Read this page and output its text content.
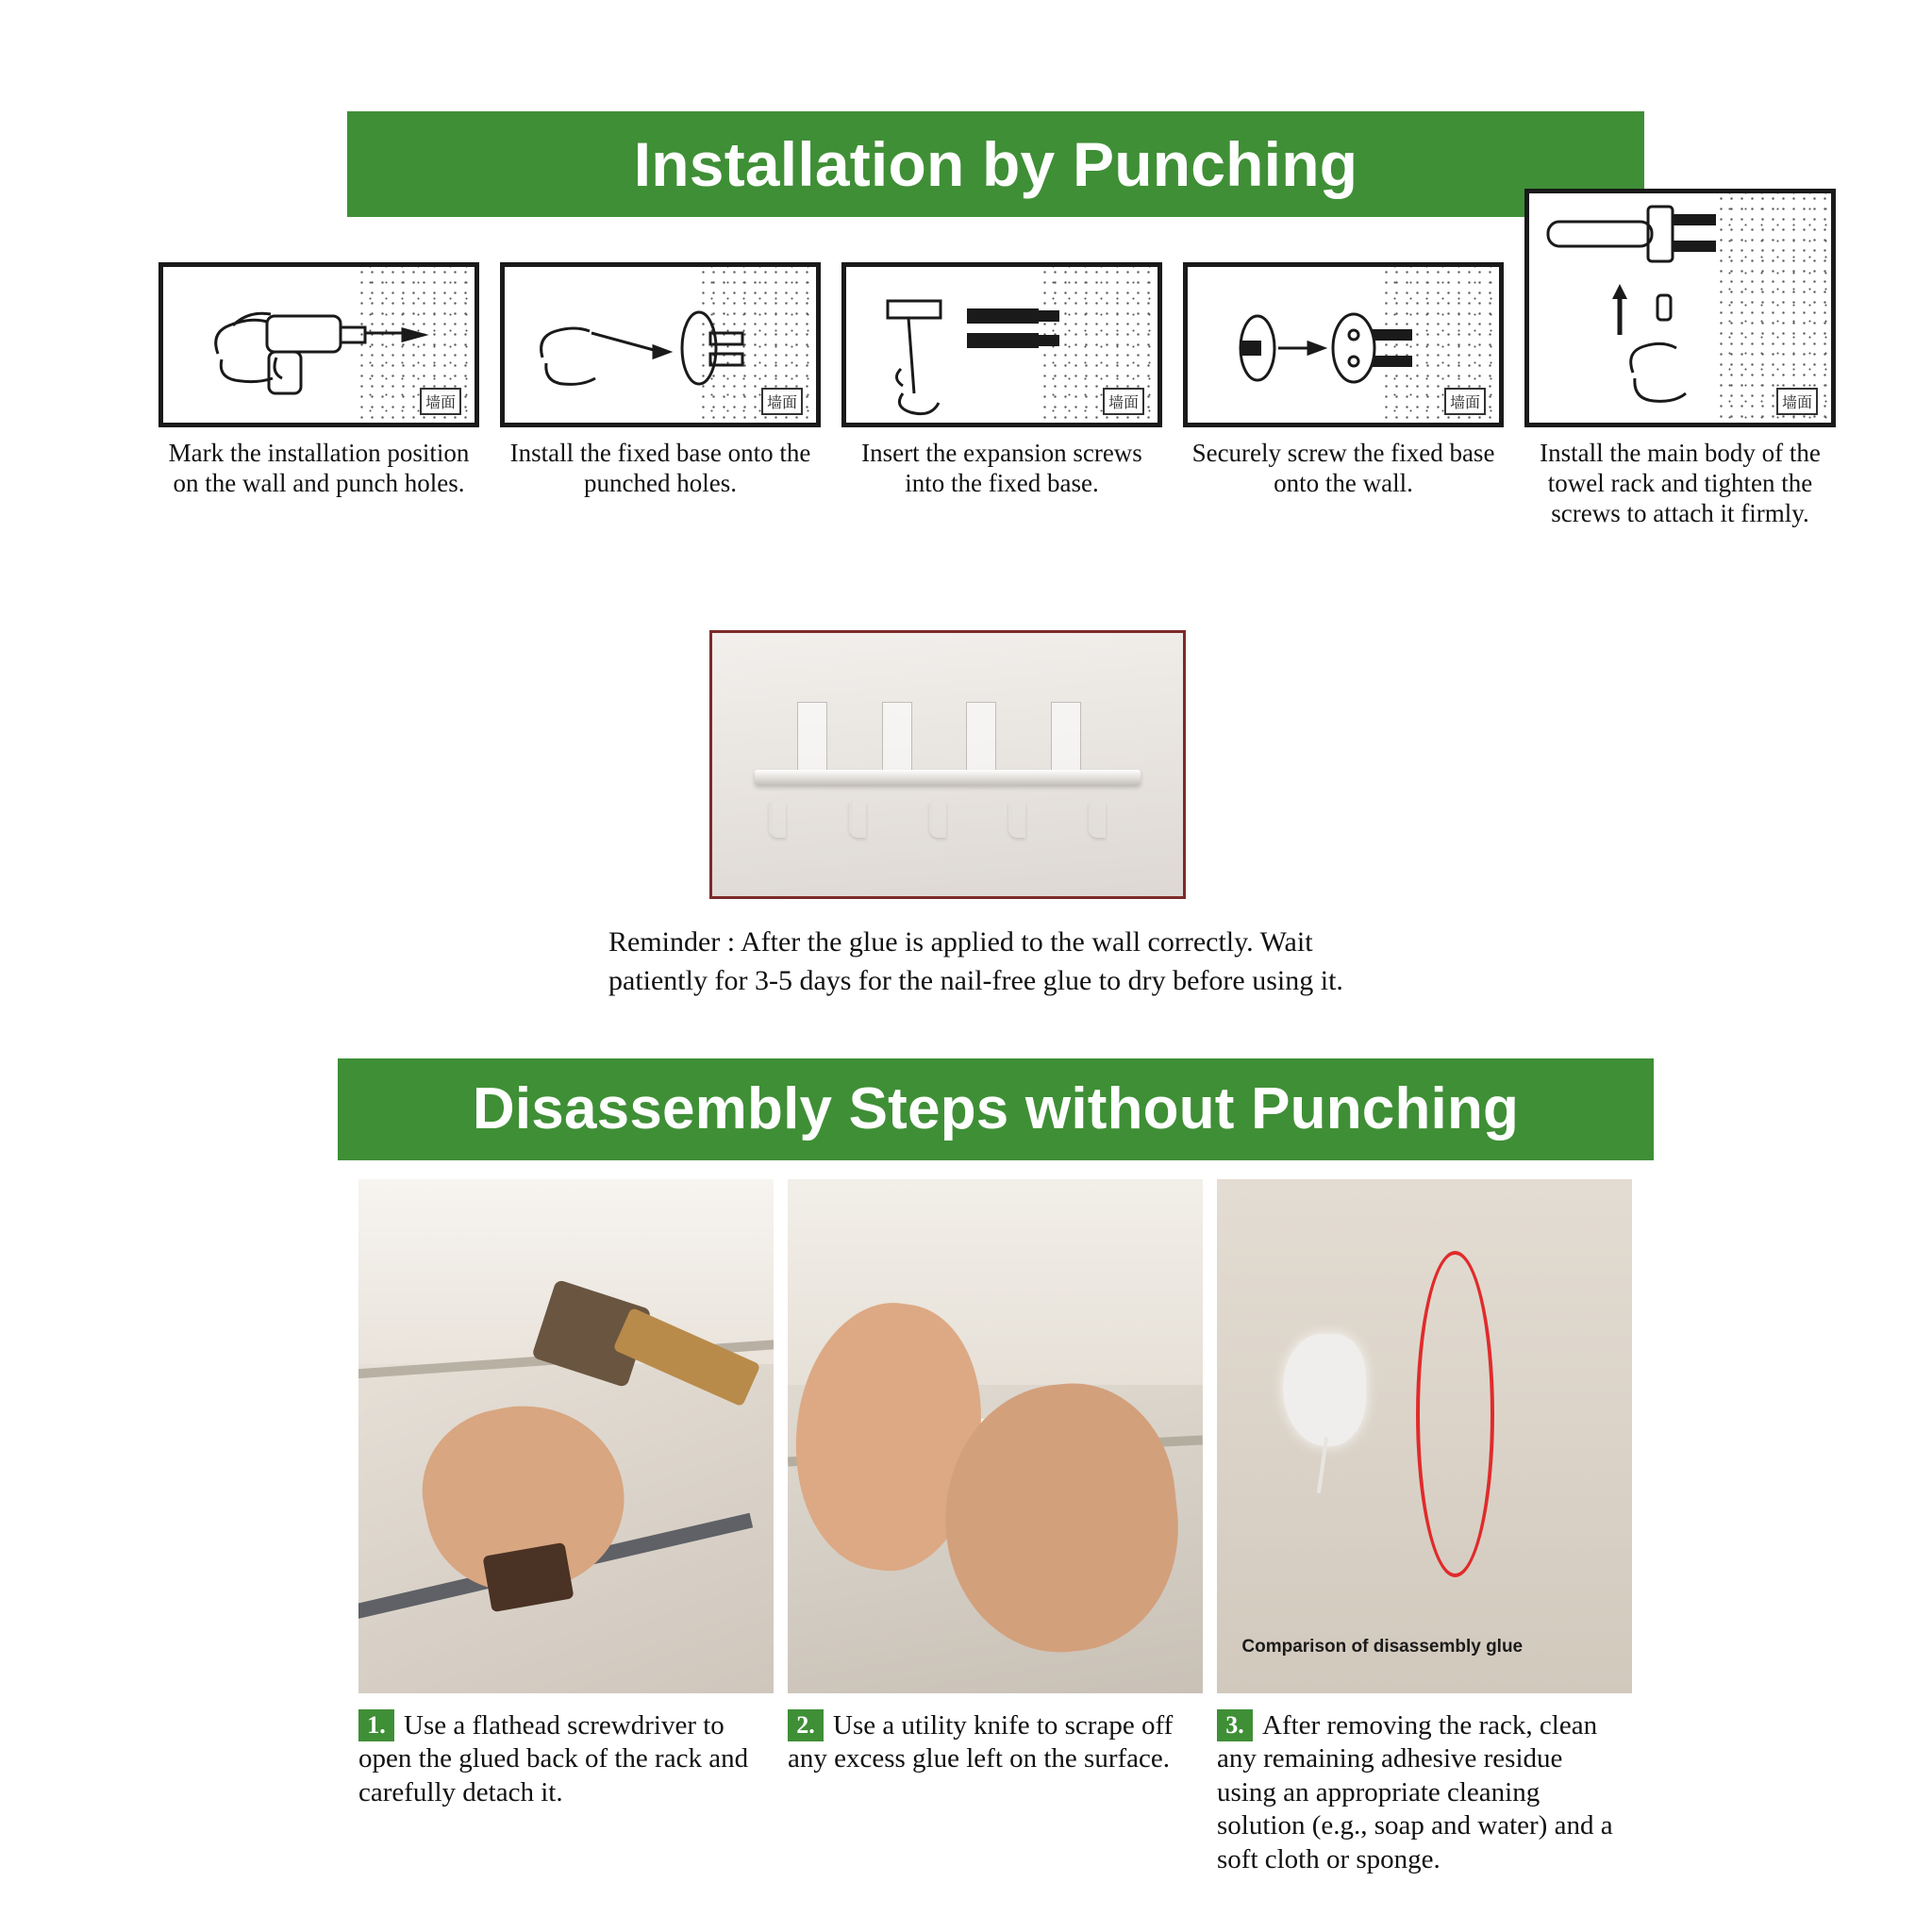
Installation by Punching
墙面
Mark the installation position on the wall and punch holes.
墙面
Install the fixed base onto the punched holes.
墙面
Insert the expansion screws into the fixed base.
墙面
Securely screw the fixed base onto the wall.
墙面
Install the main body of the towel rack and tighten the screws to attach it firmly.
Reminder : After the glue is applied to the wall correctly. Wait patiently for 3-5 days for the nail-free glue to dry before using it.
Disassembly Steps without Punching
Comparison of disassembly glue
1. Use a flathead screwdriver to open the glued back of the rack and carefully detach it.
2. Use a utility knife to scrape off any excess glue left on the surface.
3. After removing the rack, clean any remaining adhesive residue using an appropriate cleaning solution (e.g., soap and water) and a soft cloth or sponge.
